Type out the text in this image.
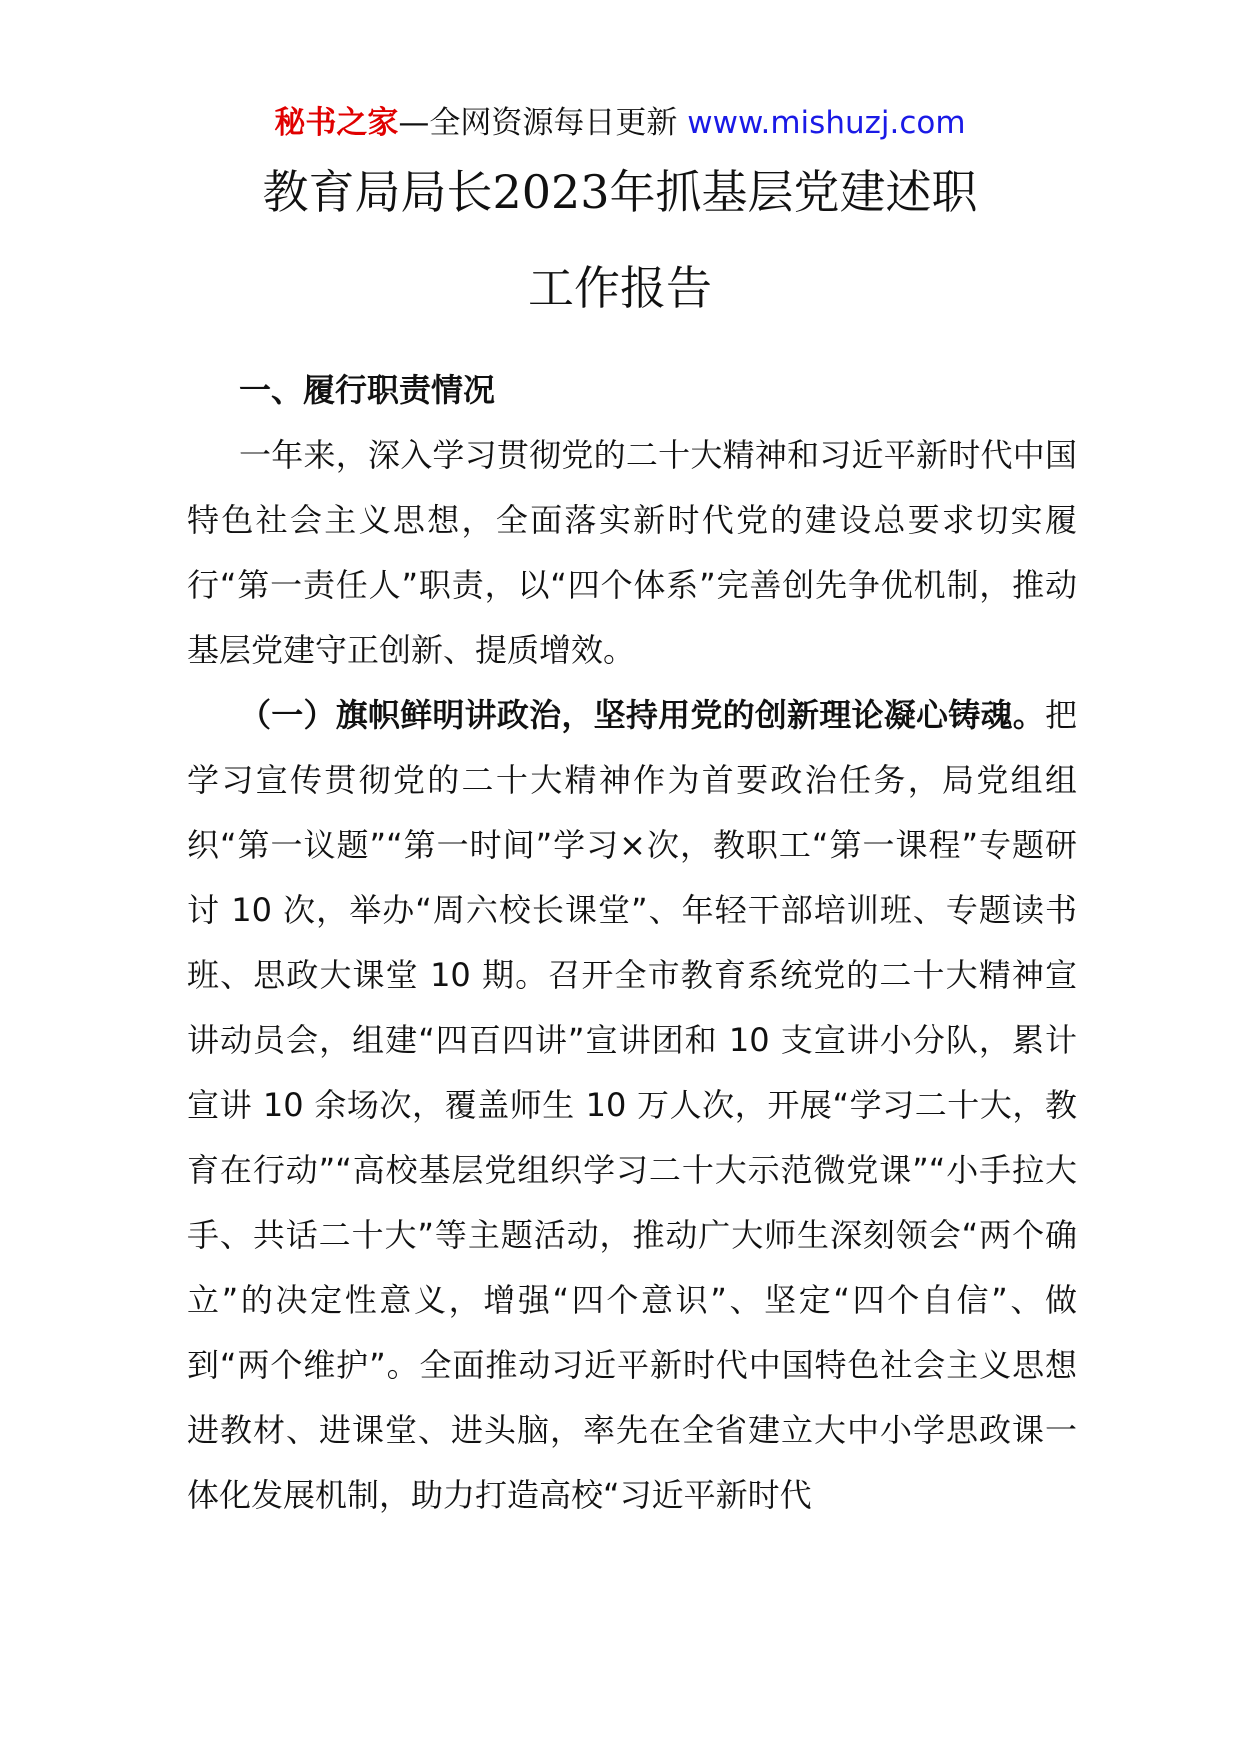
秘书之家—全网资源每日更新 www.mishuzj.com
教育局局长2023年抓基层党建述职
工作报告

一、履行职责情况

一年来，深入学习贯彻党的二十大精神和习近平新时代中国特色社会主义思想，全面落实新时代党的建设总要求切实履行“第一责任人”职责，以“四个体系”完善创先争优机制，推动基层党建守正创新、提质增效。

（一）旗帜鲜明讲政治，坚持用党的创新理论凝心铸魂。把学习宣传贯彻党的二十大精神作为首要政治任务，局党组组织“第一议题”“第一时间”学习×次，教职工“第一课程”专题研讨 10 次，举办“周六校长课堂”、年轻干部培训班、专题读书班、思政大课堂 10 期。召开全市教育系统党的二十大精神宣讲动员会，组建“四百四讲”宣讲团和 10 支宣讲小分队，累计宣讲 10 余场次，覆盖师生 10 万人次，开展“学习二十大，教育在行动”“高校基层党组织学习二十大示范微党课”“小手拉大手、共话二十大”等主题活动，推动广大师生深刻领会“两个确立”的决定性意义，增强“四个意识”、坚定“四个自信”、做到“两个维护”。全面推动习近平新时代中国特色社会主义思想进教材、进课堂、进头脑，率先在全省建立大中小学思政课一体化发展机制，助力打造高校“习近平新时代
